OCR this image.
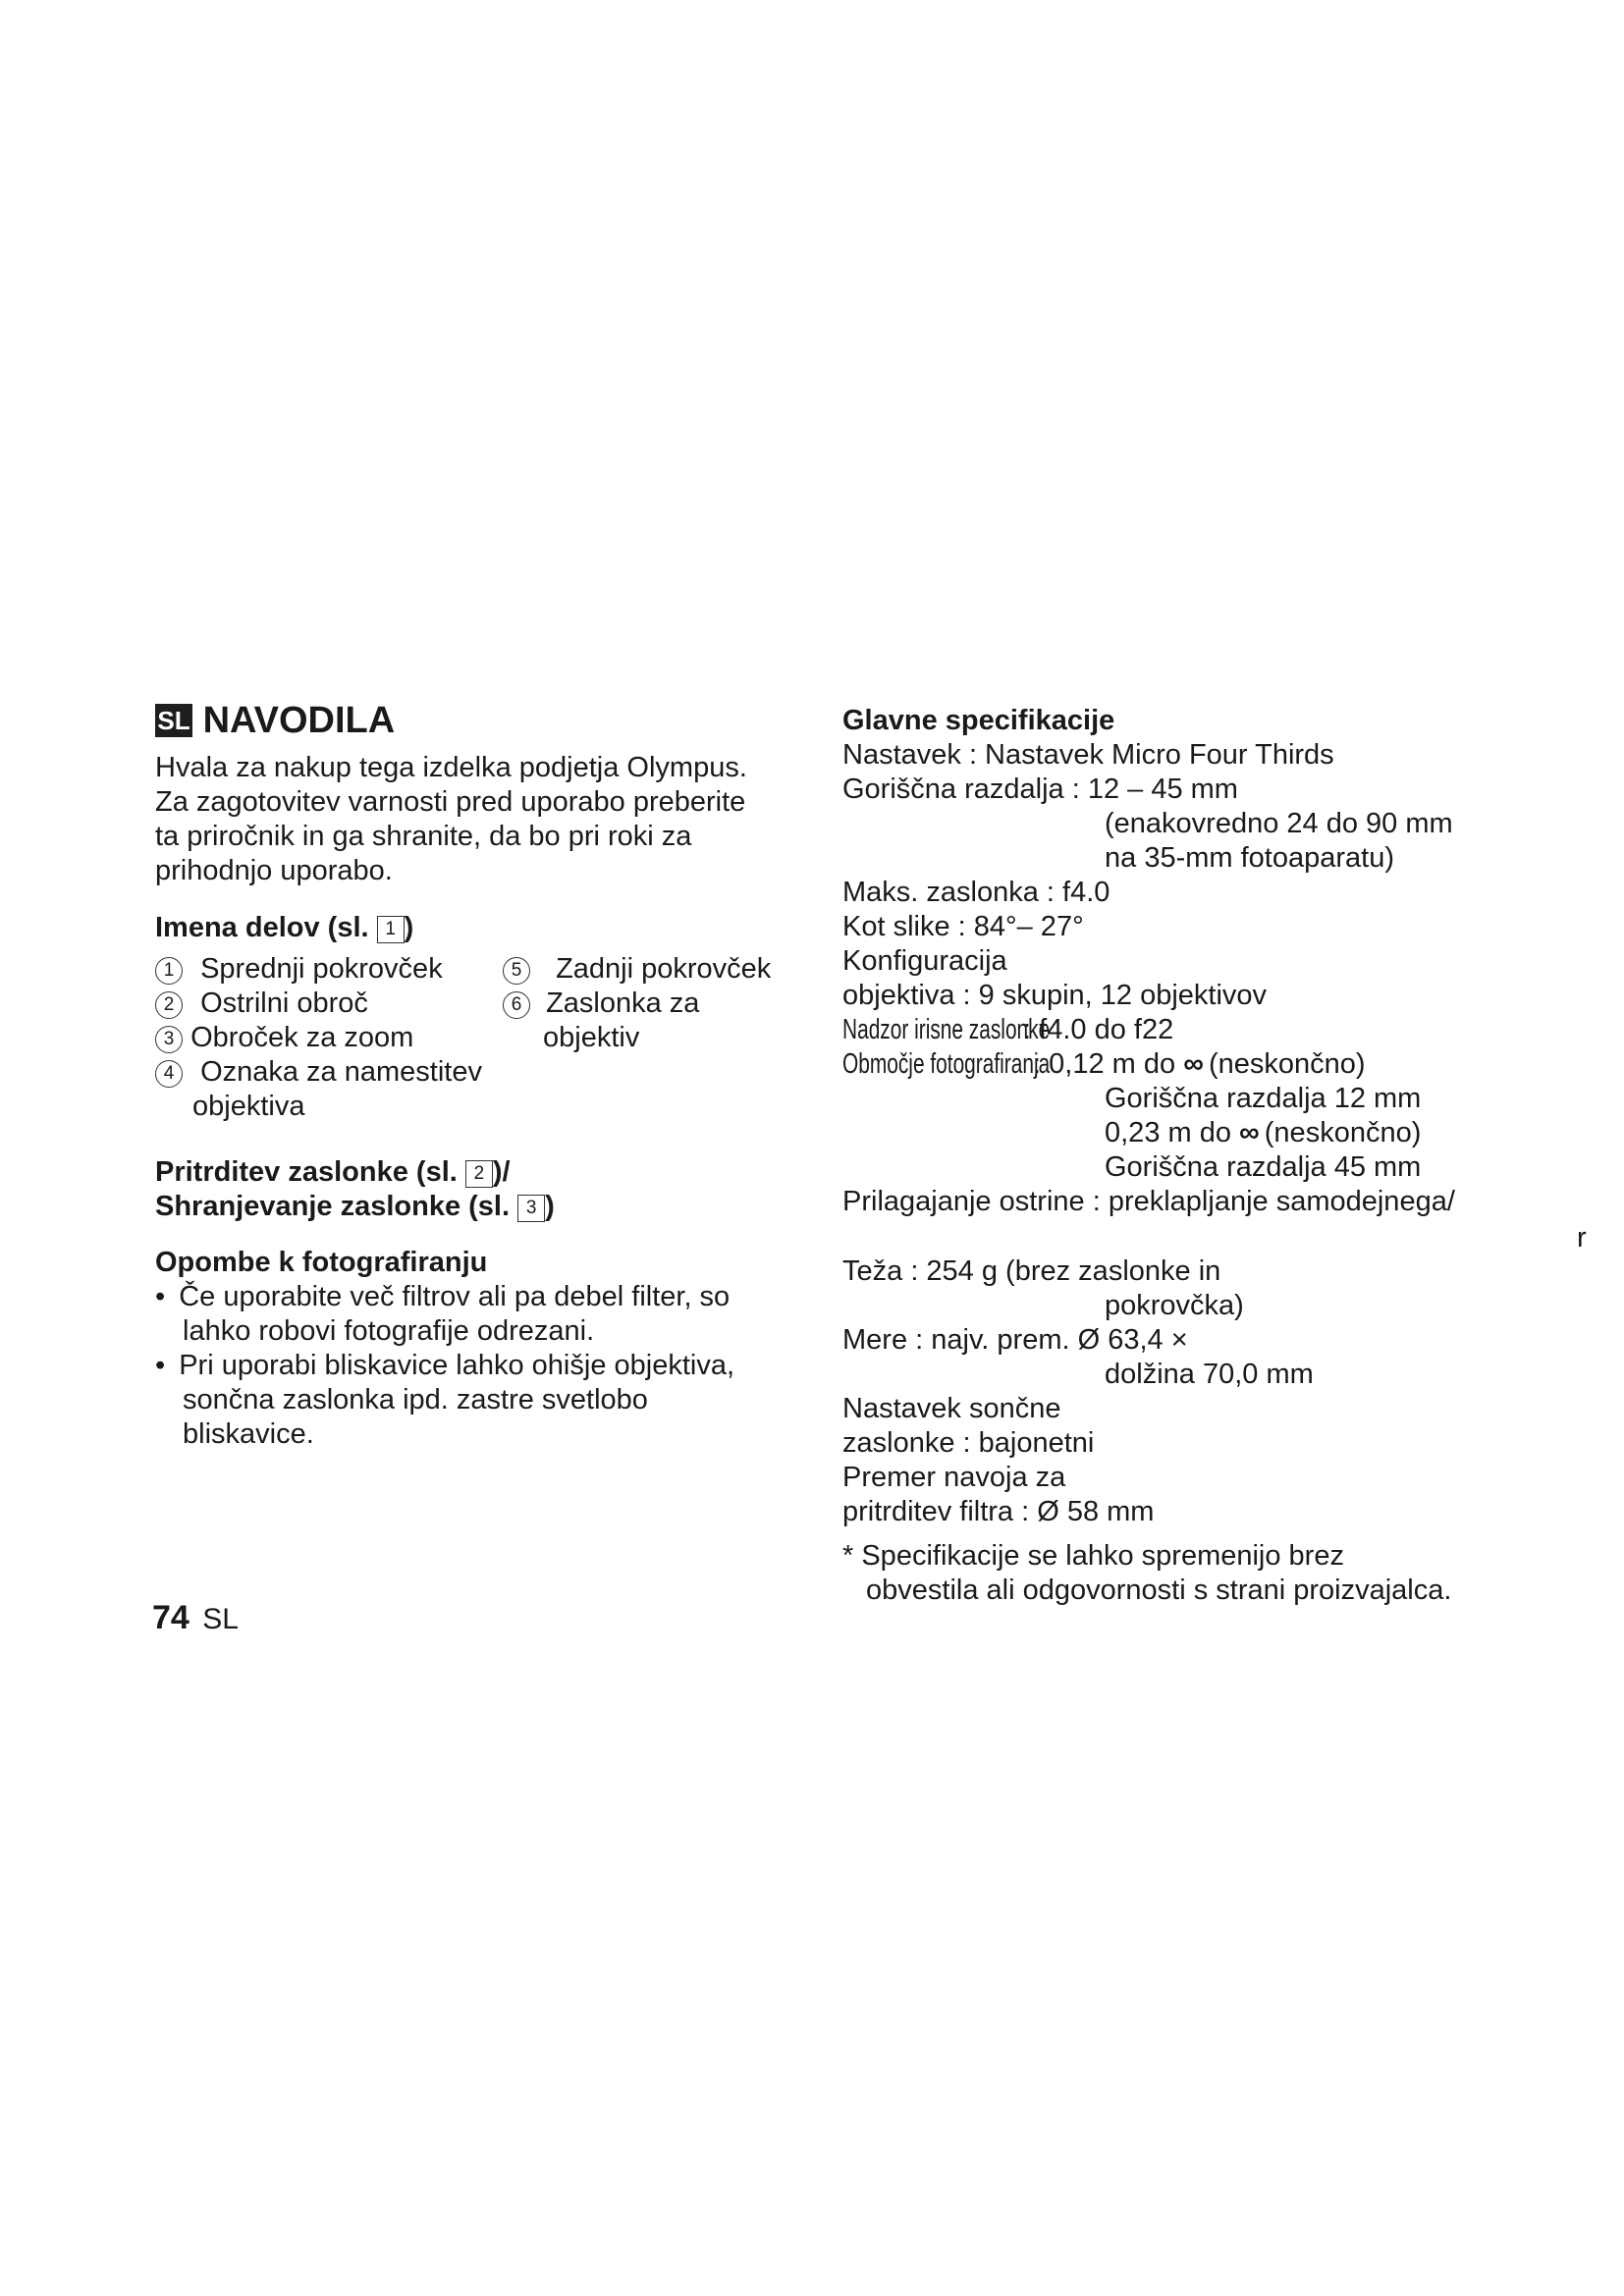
SL NAVODILA
Hvala za nakup tega izdelka podjetja Olympus.
Za zagotovitev varnosti pred uporabo preberite
ta priročnik in ga shranite, da bo pri roki za
prihodnjo uporabo.
Imena delov (sl. 1 )
1 Sprednji pokrovček
2 Ostrilni obroč
3 Obroček za zoom
4 Oznaka za namestitev
objektiva
5 Zadnji pokrovček
6 Zaslonka za
objektiv
Pritrditev zaslonke (sl. 2 )/
Shranjevanje zaslonke (sl. 3 )
Opombe k fotografiranju
• Če uporabite več filtrov ali pa debel filter, so
lahko robovi fotografije odrezani.
• Pri uporabi bliskavice lahko ohišje objektiva,
sončna zaslonka ipd. zastre svetlobo
bliskavice.
74 SL
Glavne specifikacije
Nastavek : Nastavek Micro Four Thirds
Goriščna razdalja : 12 – 45 mm
(enakovredno 24 do 90 mm
na 35-mm fotoaparatu)
Maks. zaslonka : f4.0
Kot slike : 84°– 27°
Konfiguracija
objektiva : 9 skupin, 12 objektivov
Nadzor irisne zaslonke : f4.0 do f22
Območje fotografiranja : 0,12 m do ∞ (neskončno)
Goriščna razdalja 12 mm
0,23 m do ∞ (neskončno)
Goriščna razdalja 45 mm
Prilagajanje ostrine : preklapljanje samodejnega/
r
Teža : 254 g (brez zaslonke in
pokrovčka)
Mere : najv. prem. Ø 63,4 ×
dolžina 70,0 mm
Nastavek sončne
zaslonke : bajonetni
Premer navoja za
pritrditev filtra : Ø 58 mm
* Specifikacije se lahko spremenijo brez
obvestila ali odgovornosti s strani proizvajalca.
